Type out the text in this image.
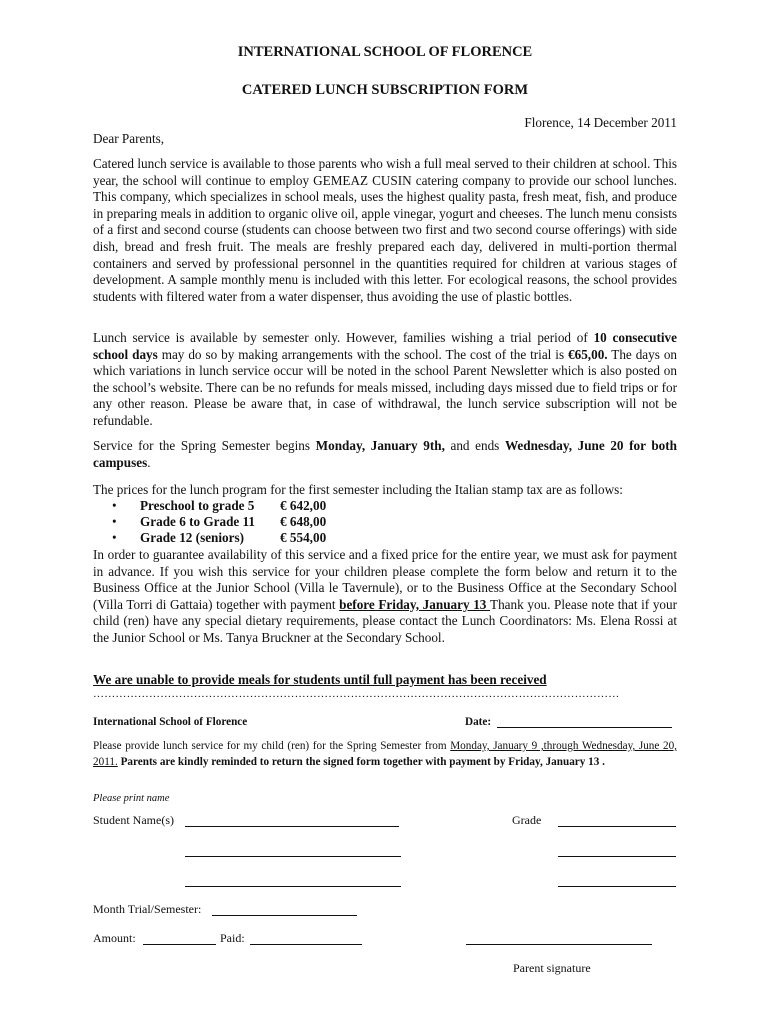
INTERNATIONAL SCHOOL OF FLORENCE
CATERED LUNCH SUBSCRIPTION FORM
Florence, 14 December 2011
Dear Parents,

Catered lunch service is available to those parents who wish a full meal served to their children at school. This year, the school will continue to employ GEMEAZ CUSIN catering company to provide our school lunches. This company, which specializes in school meals, uses the highest quality pasta, fresh meat, fish, and produce in preparing meals in addition to organic olive oil, apple vinegar, yogurt and cheeses. The lunch menu consists of a first and second course (students can choose between two first and two second course offerings) with side dish, bread and fresh fruit. The meals are freshly prepared each day, delivered in multi-portion thermal containers and served by professional personnel in the quantities required for children at various stages of development. A sample monthly menu is included with this letter. For ecological reasons, the school provides students with filtered water from a water dispenser, thus avoiding the use of plastic bottles.

Lunch service is available by semester only. However, families wishing a trial period of 10 consecutive school days may do so by making arrangements with the school. The cost of the trial is €65,00. The days on which variations in lunch service occur will be noted in the school Parent Newsletter which is also posted on the school’s website. There can be no refunds for meals missed, including days missed due to field trips or for any other reason. Please be aware that, in case of withdrawal, the lunch service subscription will not be refundable.

Service for the Spring Semester begins Monday, January 9th, and ends Wednesday, June 20 for both campuses.

The prices for the lunch program for the first semester including the Italian stamp tax are as follows:

• Preschool to grade 5 € 642,00
• Grade 6 to Grade 11 € 648,00
• Grade 12 (seniors)	€ 554,00

In order to guarantee availability of this service and a fixed price for the entire year, we must ask for payment in advance. If you wish this service for your children please complete the form below and return it to the Business Office at the Junior School (Villa le Tavernule), or to the Business Office at the Secondary School (Villa Torri di Gattaia) together with payment before Friday, January 13 Thank you. Please note that if your child (ren) have any special dietary requirements, please contact the Lunch Coordinators: Ms. Elena Rossi at the Junior School or Ms. Tanya Bruckner at the Secondary School.

We are unable to provide meals for students until full payment has been received
……………………………………………………………………………………………………………………………
International School of Florence	Date:

Please provide lunch service for my child (ren) for the Spring Semester from Monday, January 9 ,through Wednesday, June 20, 2011. Parents are kindly reminded to return the signed form together with payment by Friday, January 13 .

Please print name
Student Name(s)	Grade
Month Trial/Semester:
Amount:	Paid:
Parent signature
